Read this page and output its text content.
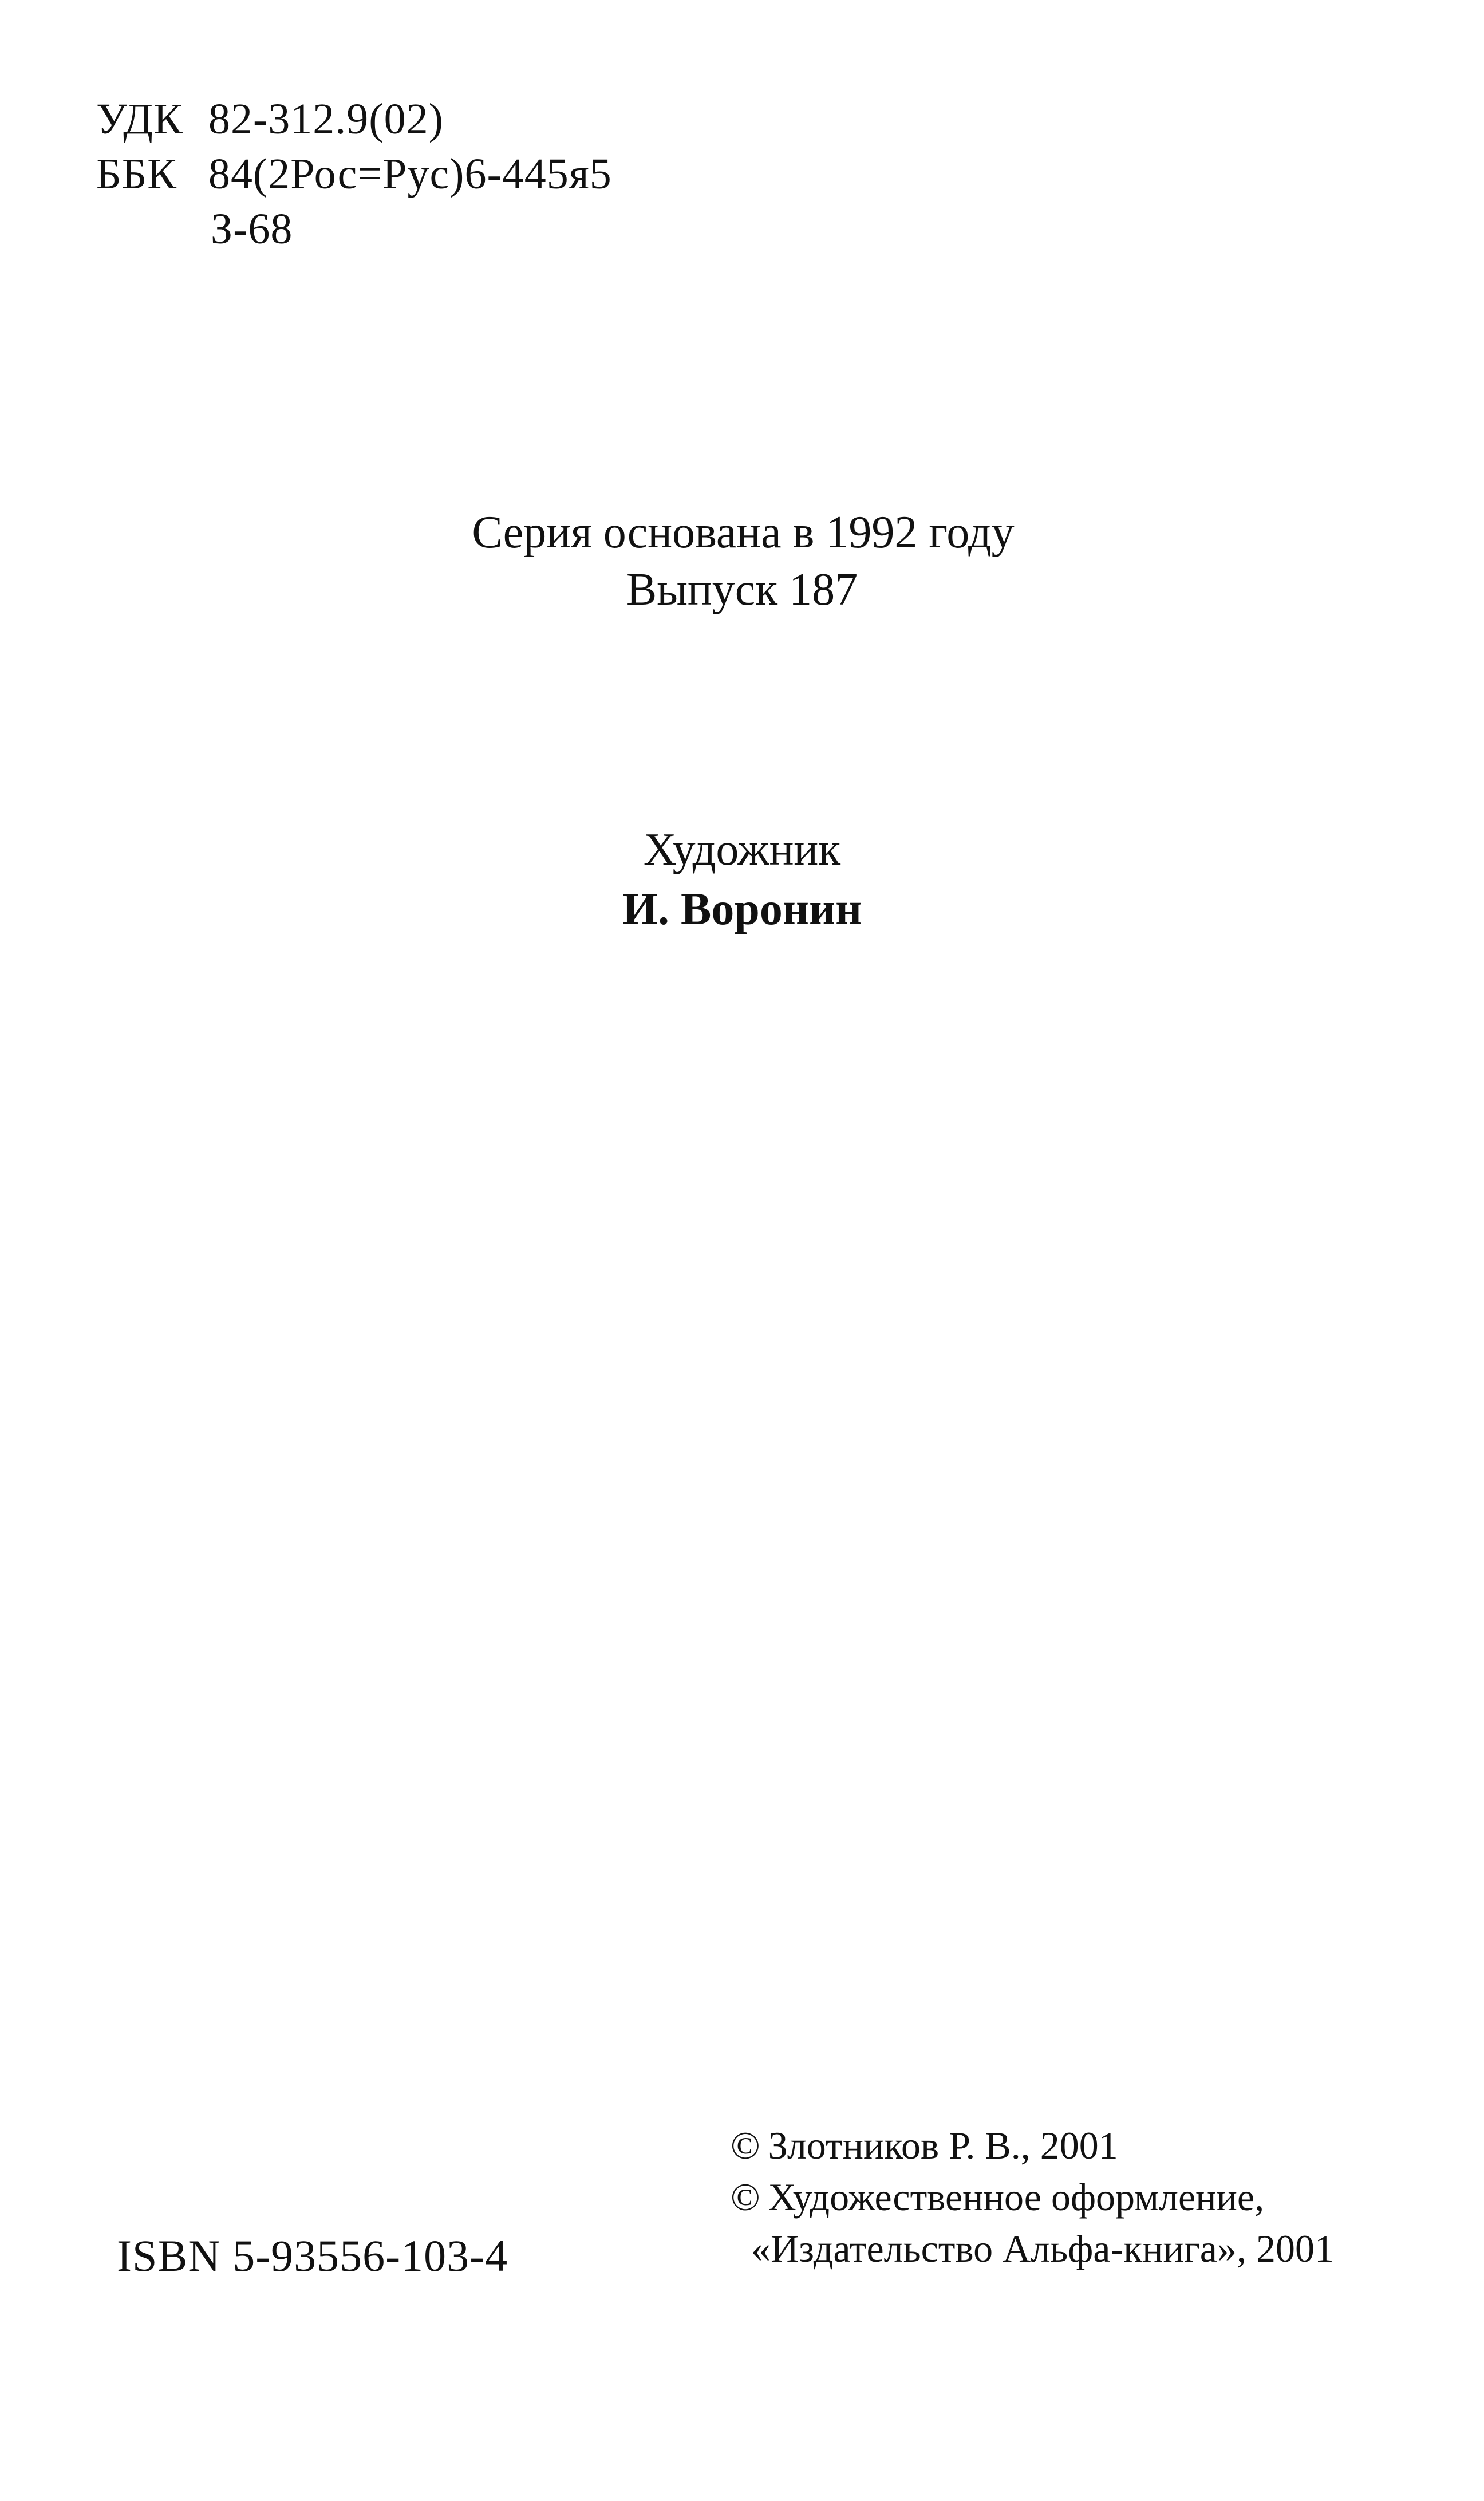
УДК 82-312.9(02)
ББК 84(2Рос=Рус)6-445я5
З-68
Серия основана в 1992 году
Выпуск 187
Художник
И. Воронин
ISBN 5-93556-103-4
© Злотников Р. В., 2001
© Художественное оформление,
«Издательство Альфа-книга», 2001
